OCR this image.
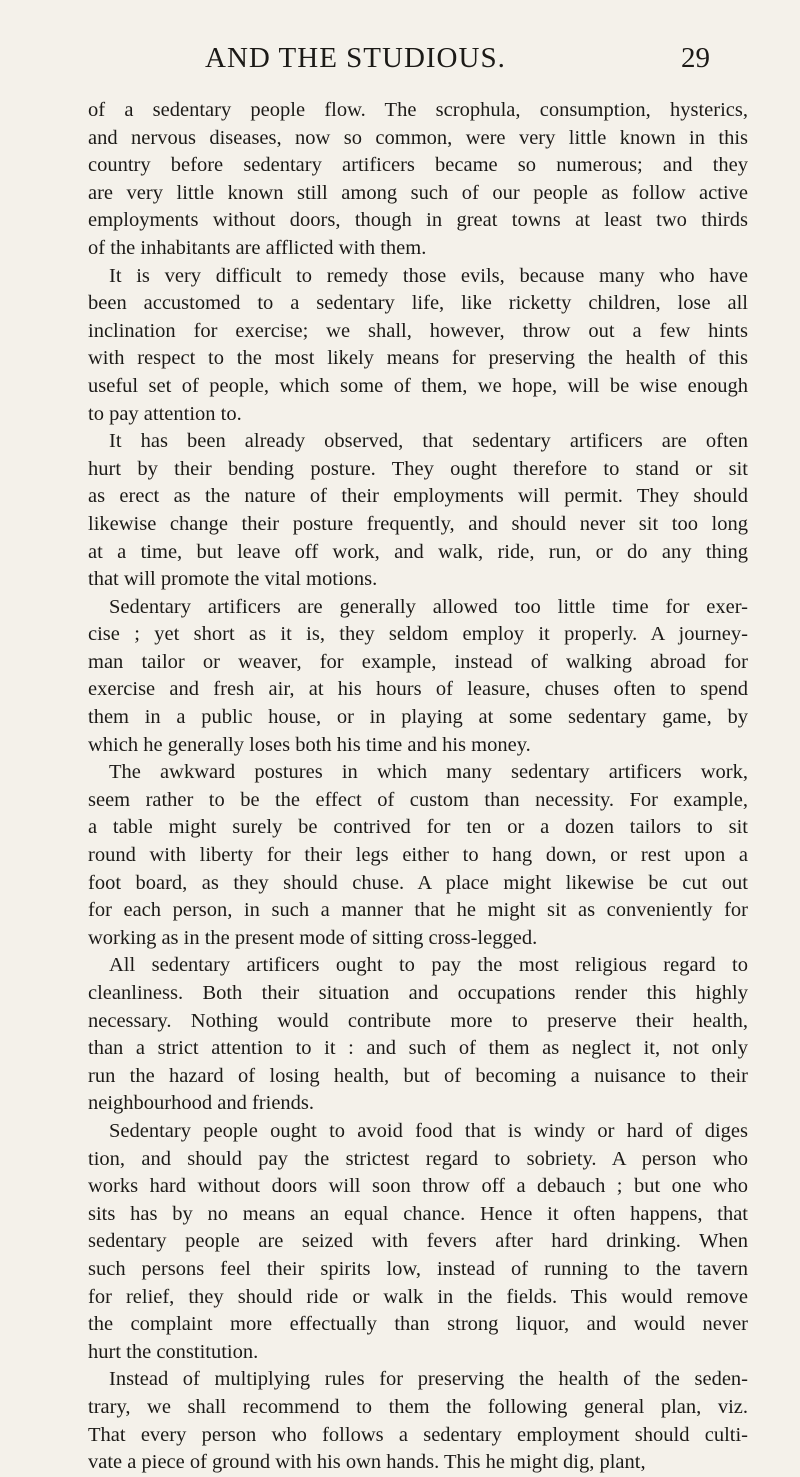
AND THE STUDIOUS.	29
of a sedentary people flow. The scrophula, consumption, hysterics,
and nervous diseases, now so common, were very little known in this
country before sedentary artificers became so numerous; and they
are very little known still among such of our people as follow active
employments without doors, though in great towns at least two thirds
of the inhabitants are afflicted with them.
It is very difficult to remedy those evils, because many who have
been accustomed to a sedentary life, like ricketty children, lose all
inclination for exercise; we shall, however, throw out a few hints
with respect to the most likely means for preserving the health of this
useful set of people, which some of them, we hope, will be wise enough
to pay attention to.
It has been already observed, that sedentary artificers are often
hurt by their bending posture. They ought therefore to stand or sit
as erect as the nature of their employments will permit. They should
likewise change their posture frequently, and should never sit too long
at a time, but leave off work, and walk, ride, run, or do any thing
that will promote the vital motions.
Sedentary artificers are generally allowed too little time for exer-
cise ; yet short as it is, they seldom employ it properly. A journey-
man tailor or weaver, for example, instead of walking abroad for
exercise and fresh air, at his hours of leasure, chuses often to spend
them in a public house, or in playing at some sedentary game, by
which he generally loses both his time and his money.
The awkward postures in which many sedentary artificers work,
seem rather to be the effect of custom than necessity. For example,
a table might surely be contrived for ten or a dozen tailors to sit
round with liberty for their legs either to hang down, or rest upon a
foot board, as they should chuse. A place might likewise be cut out
for each person, in such a manner that he might sit as conveniently for
working as in the present mode of sitting cross-legged.
All sedentary artificers ought to pay the most religious regard to
cleanliness. Both their situation and occupations render this highly
necessary. Nothing would contribute more to preserve their health,
than a strict attention to it : and such of them as neglect it, not only
run the hazard of losing health, but of becoming a nuisance to their
neighbourhood and friends.
Sedentary people ought to avoid food that is windy or hard of diges
tion, and should pay the strictest regard to sobriety. A person who
works hard without doors will soon throw off a debauch ; but one who
sits has by no means an equal chance. Hence it often happens, that
sedentary people are seized with fevers after hard drinking. When
such persons feel their spirits low, instead of running to the tavern
for relief, they should ride or walk in the fields. This would remove
the complaint more effectually than strong liquor, and would never
hurt the constitution.
Instead of multiplying rules for preserving the health of the seden-
trary, we shall recommend to them the following general plan, viz.
That every person who follows a sedentary employment should culti-
vate a piece of ground with his own hands. This he might dig, plant,
